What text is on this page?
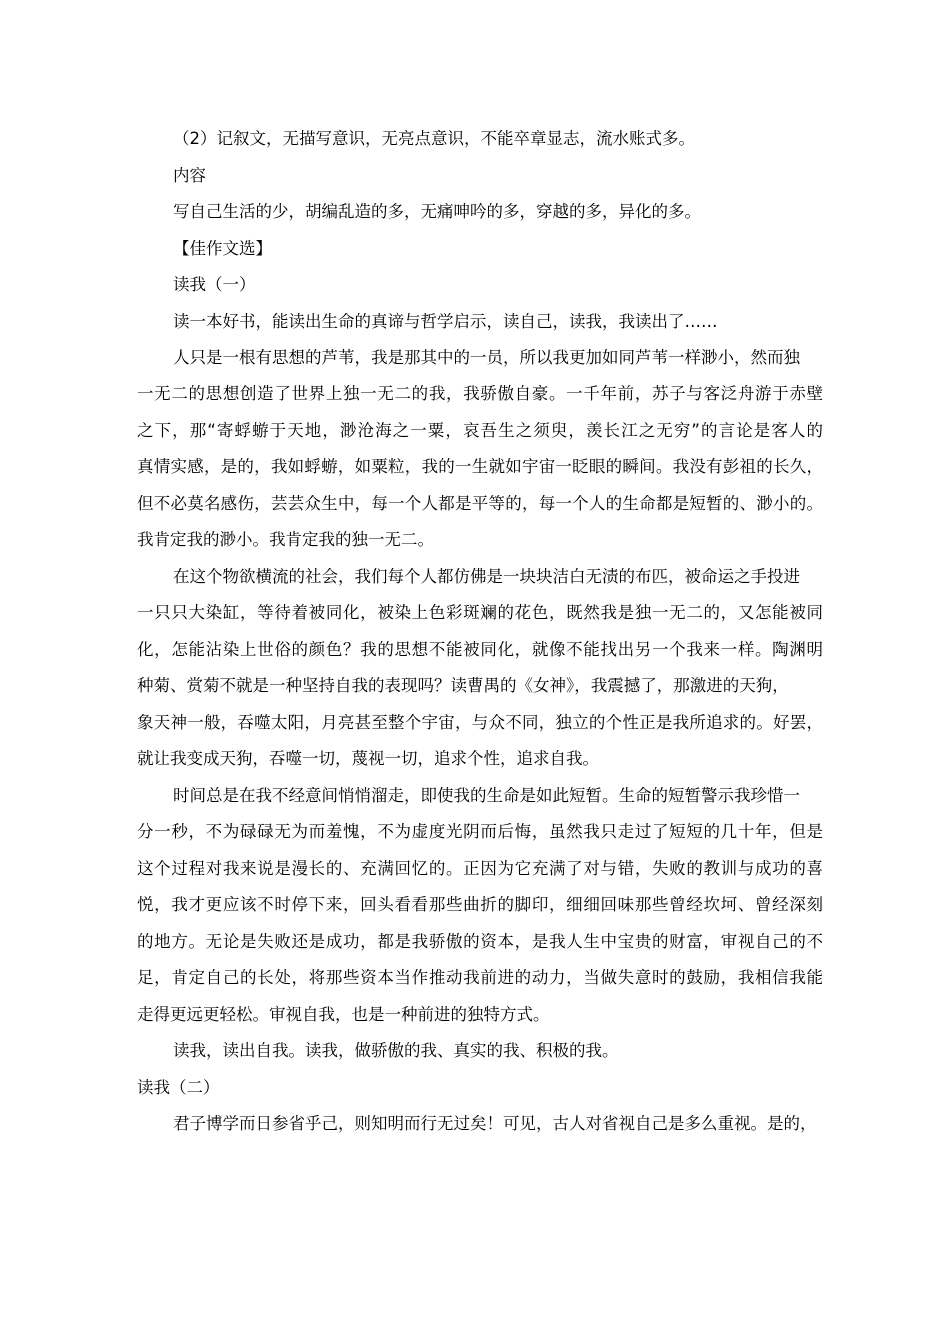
（2）记叙文，无描写意识，无亮点意识，不能卒章显志，流水账式多。
内容
写自己生活的少，胡编乱造的多，无痛呻吟的多，穿越的多，异化的多。
【佳作文选】
读我（一）
读一本好书，能读出生命的真谛与哲学启示，读自己，读我，我读出了……
人只是一根有思想的芦苇，我是那其中的一员，所以我更加如同芦苇一样渺小，然而独
一无二的思想创造了世界上独一无二的我，我骄傲自豪。一千年前，苏子与客泛舟游于赤壁
之下，那“寄蜉蝣于天地，渺沧海之一粟，哀吾生之须臾，羡长江之无穷”的言论是客人的
真情实感，是的，我如蜉蝣，如粟粒，我的一生就如宇宙一眨眼的瞬间。我没有彭祖的长久，
但不必莫名感伤，芸芸众生中，每一个人都是平等的，每一个人的生命都是短暂的、渺小的。
我肯定我的渺小。我肯定我的独一无二。
在这个物欲横流的社会，我们每个人都仿佛是一块块洁白无渍的布匹，被命运之手投进
一只只大染缸，等待着被同化，被染上色彩斑斓的花色，既然我是独一无二的，又怎能被同
化，怎能沾染上世俗的颜色？我的思想不能被同化，就像不能找出另一个我来一样。陶渊明
种菊、赏菊不就是一种坚持自我的表现吗？读曹禺的《女神》，我震撼了，那激进的天狗，
象天神一般，吞噬太阳，月亮甚至整个宇宙，与众不同，独立的个性正是我所追求的。好罢，
就让我变成天狗，吞噬一切，蔑视一切，追求个性，追求自我。
时间总是在我不经意间悄悄溜走，即使我的生命是如此短暂。生命的短暂警示我珍惜一
分一秒，不为碌碌无为而羞愧，不为虚度光阴而后悔，虽然我只走过了短短的几十年，但是
这个过程对我来说是漫长的、充满回忆的。正因为它充满了对与错，失败的教训与成功的喜
悦，我才更应该不时停下来，回头看看那些曲折的脚印，细细回味那些曾经坎坷、曾经深刻
的地方。无论是失败还是成功，都是我骄傲的资本，是我人生中宝贵的财富，审视自己的不
足，肯定自己的长处，将那些资本当作推动我前进的动力，当做失意时的鼓励，我相信我能
走得更远更轻松。审视自我，也是一种前进的独特方式。
读我，读出自我。读我，做骄傲的我、真实的我、积极的我。
读我（二）
君子博学而日参省乎己，则知明而行无过矣！可见，古人对省视自己是多么重视。是的，
